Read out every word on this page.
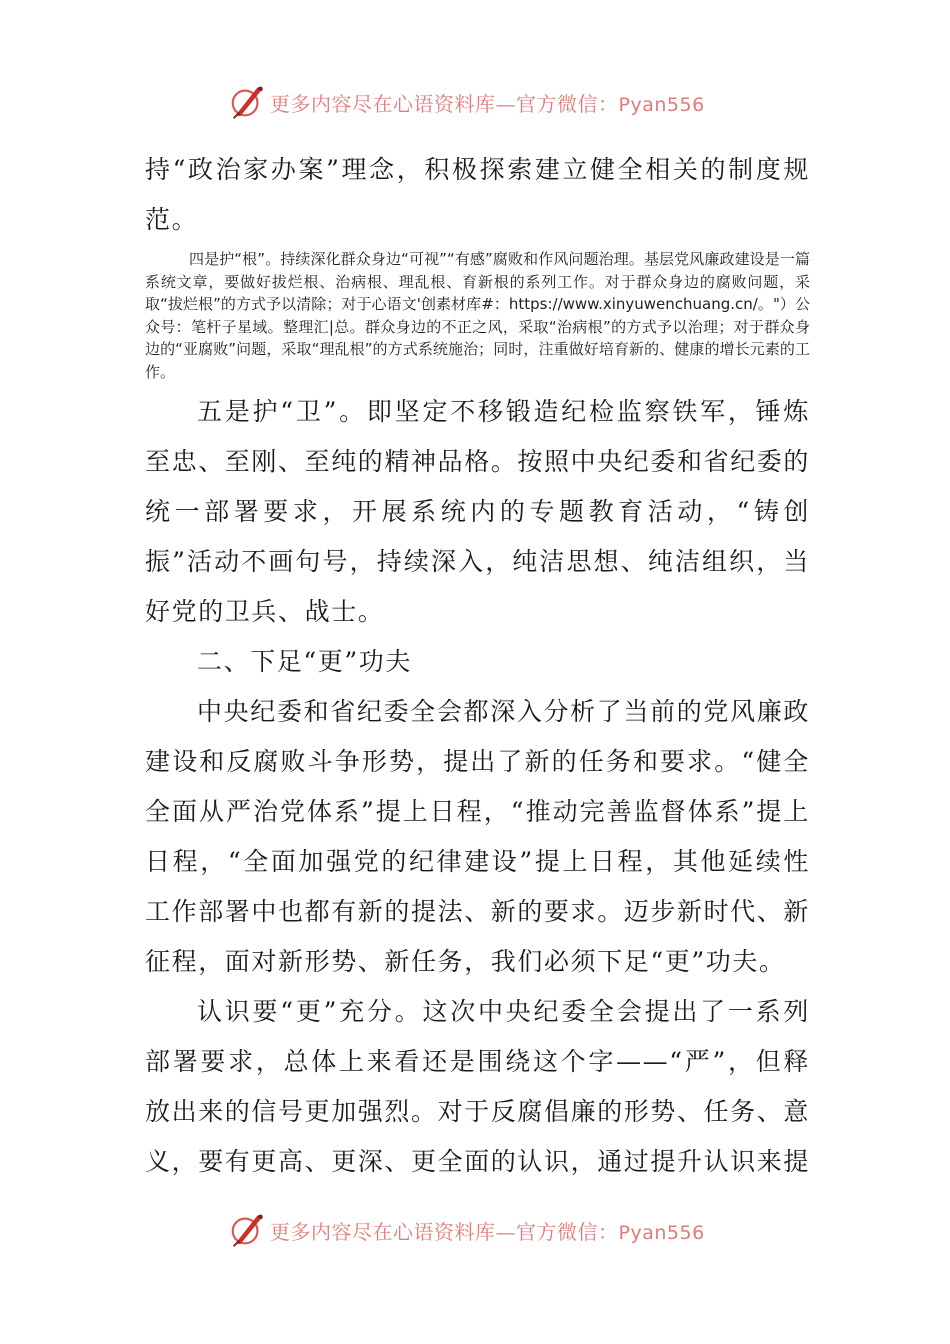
更多内容尽在心语资料库—官方微信：Pyan556

持“政治家办案”理念，积极探索建立健全相关的制度规范。

四是护“根”。持续深化群众身边“可视”“有感”腐败和作风问题治理。基层党风廉政建设是一篇系统文章，要做好拔烂根、治病根、理乱根、育新根的系列工作。对于群众身边的腐败问题，采取“拔烂根”的方式予以清除；对于心语文'创素材库#：https://www.xinyuwenchuang.cn/。"）公众号：笔杆子星域。整理汇|总。群众身边的不正之风，采取“治病根”的方式予以治理；对于群众身边的“亚腐败”问题，采取“理乱根”的方式系统施治；同时，注重做好培育新的、健康的增长元素的工作。

五是护“卫”。即坚定不移锻造纪检监察铁军，锤炼至忠、至刚、至纯的精神品格。按照中央纪委和省纪委的统一部署要求，开展系统内的专题教育活动，“铸创振”活动不画句号，持续深入，纯洁思想、纯洁组织，当好党的卫兵、战士。

二、下足“更”功夫

中央纪委和省纪委全会都深入分析了当前的党风廉政建设和反腐败斗争形势，提出了新的任务和要求。“健全全面从严治党体系”提上日程，“推动完善监督体系”提上日程，“全面加强党的纪律建设”提上日程，其他延续性工作部署中也都有新的提法、新的要求。迈步新时代、新征程，面对新形势、新任务，我们必须下足“更”功夫。

认识要“更”充分。这次中央纪委全会提出了一系列部署要求，总体上来看还是围绕这个字——“严”，但释放出来的信号更加强烈。对于反腐倡廉的形势、任务、意义，要有更高、更深、更全面的认识，通过提升认识来提

更多内容尽在心语资料库—官方微信：Pyan556
